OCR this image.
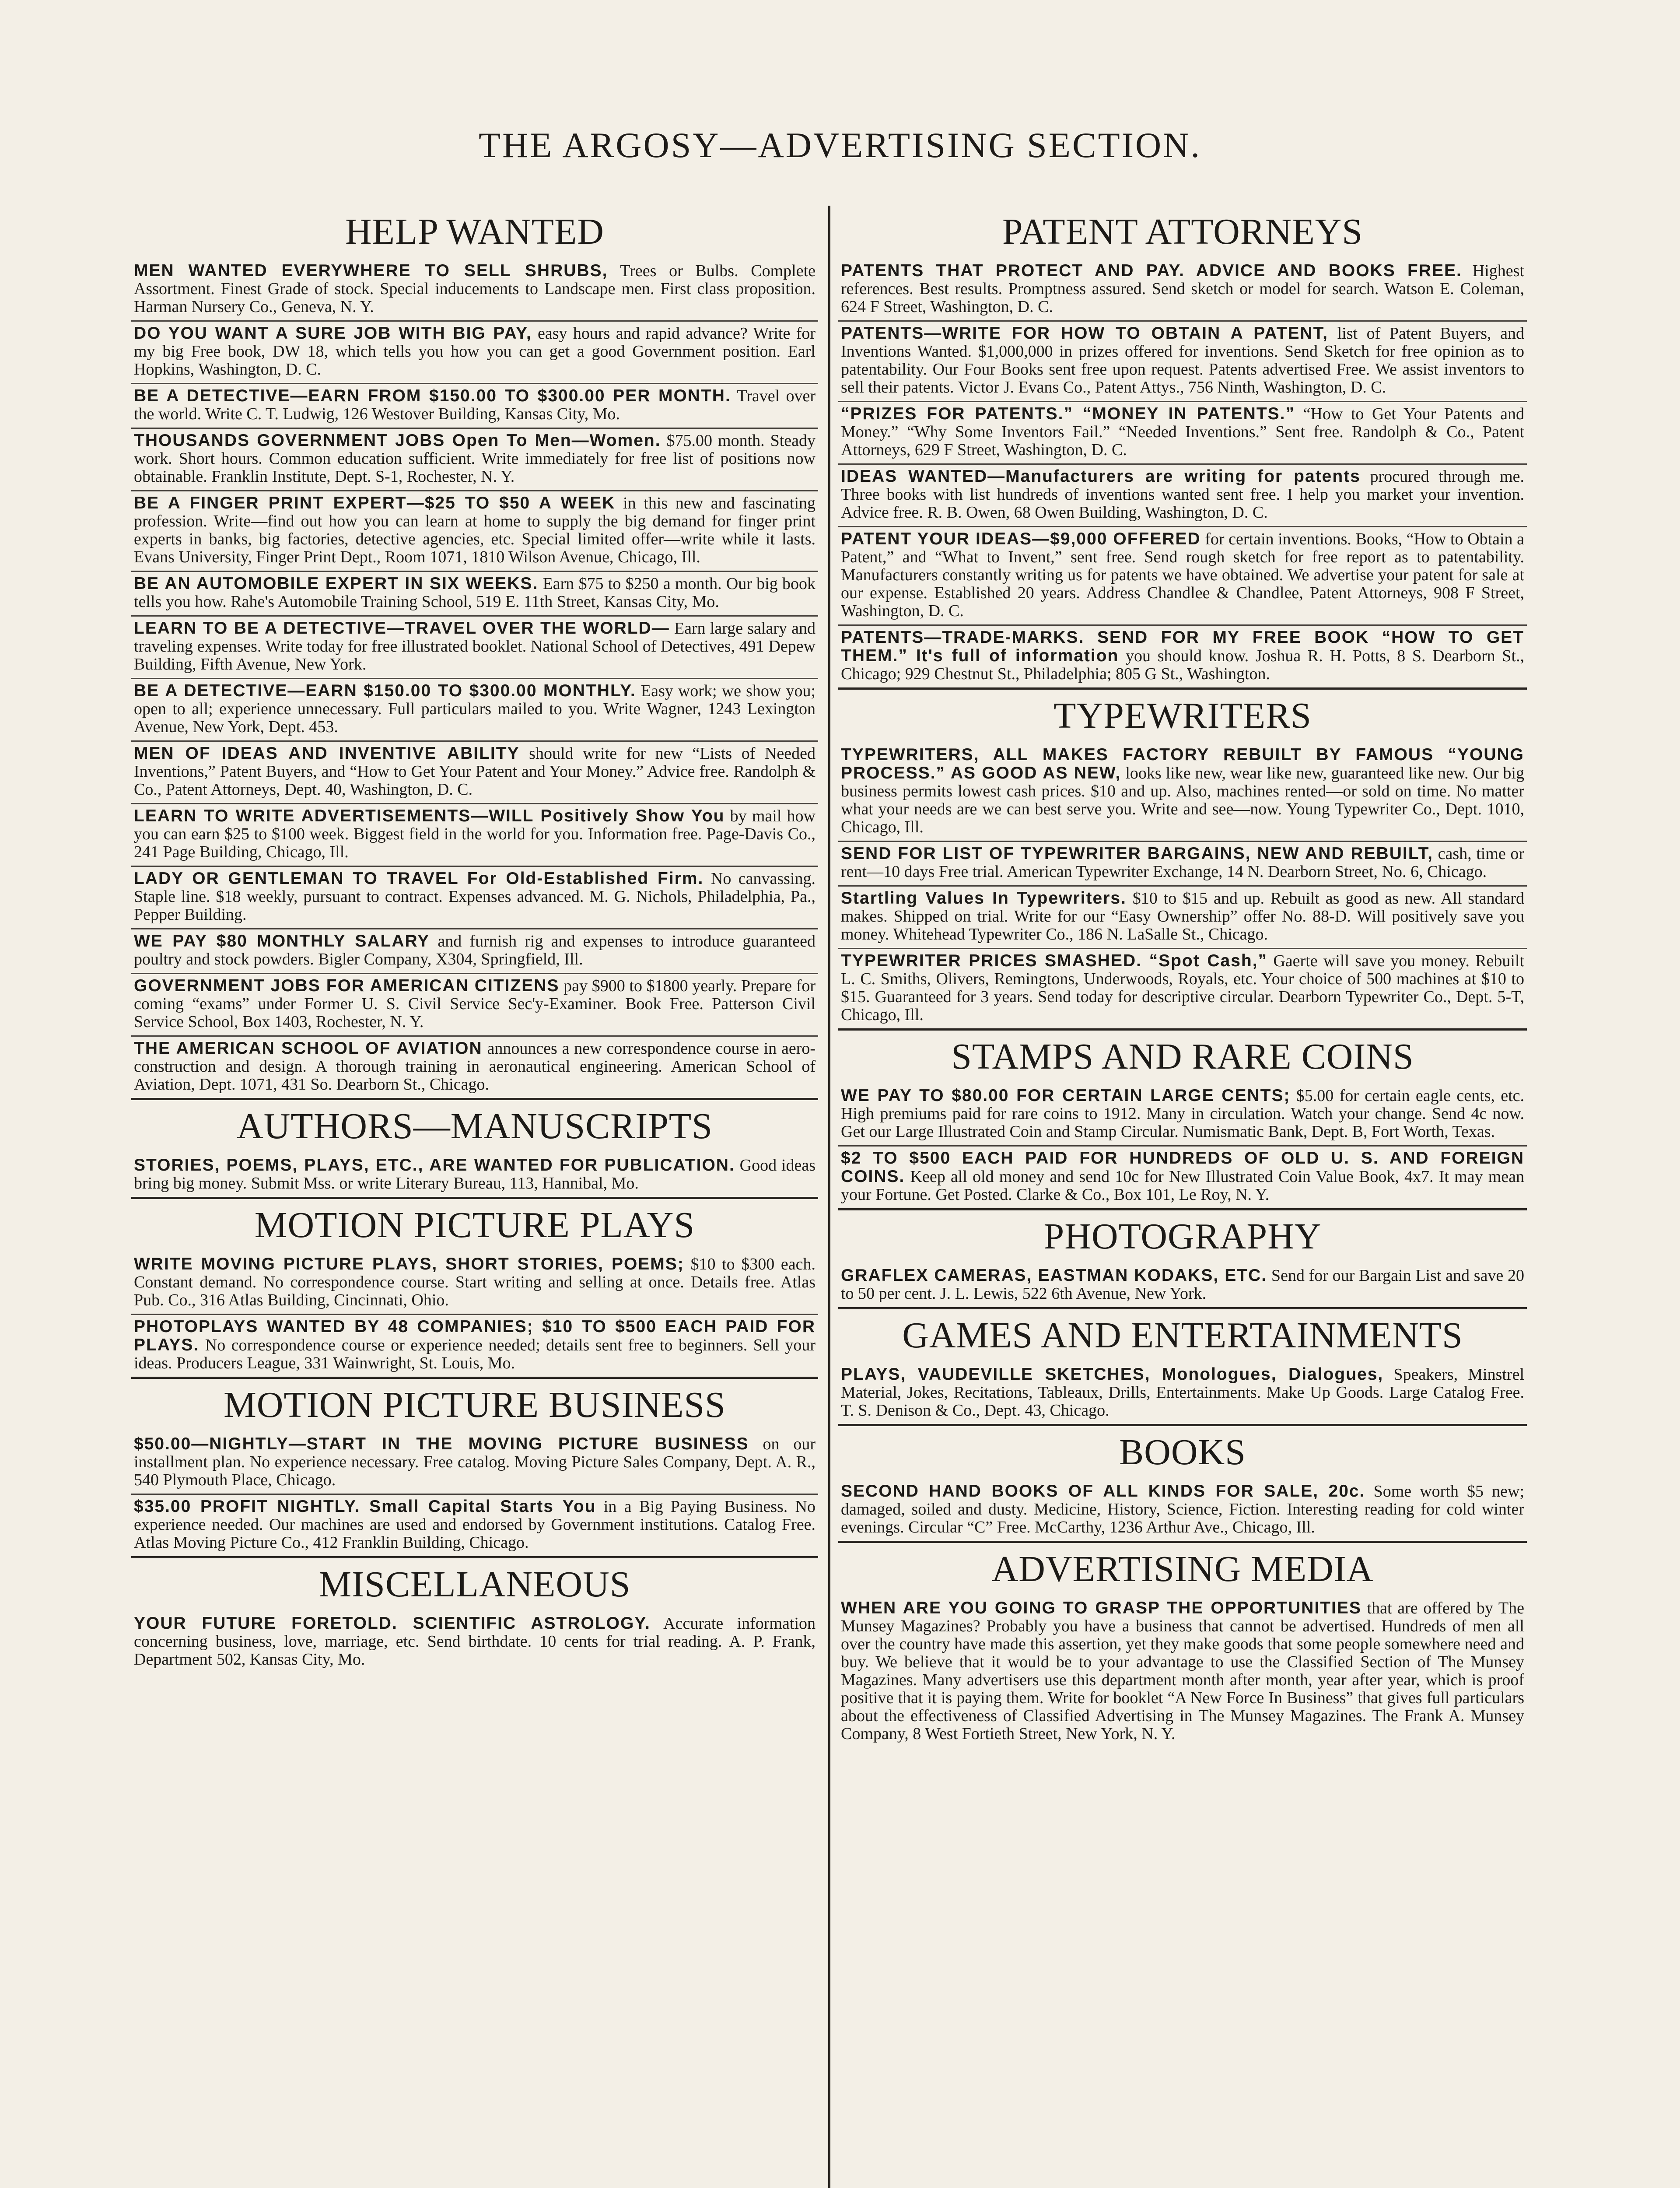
THE ARGOSY—ADVERTISING SECTION.
HELP WANTED
MEN WANTED EVERYWHERE TO SELL SHRUBS, Trees or Bulbs. Complete Assortment. Finest Grade of stock. Special inducements to Landscape men. First class proposition. Harman Nursery Co., Geneva, N. Y.
DO YOU WANT A SURE JOB WITH BIG PAY, easy hours and rapid advance? Write for my big Free book, DW 18, which tells you how you can get a good Government position. Earl Hopkins, Washington, D. C.
BE A DETECTIVE—EARN FROM $150.00 TO $300.00 PER MONTH. Travel over the world. Write C. T. Ludwig, 126 Westover Building, Kansas City, Mo.
THOUSANDS GOVERNMENT JOBS Open To Men—Women. $75.00 month. Steady work. Short hours. Common education sufficient. Write immediately for free list of positions now obtainable. Franklin Institute, Dept. S-1, Rochester, N. Y.
BE A FINGER PRINT EXPERT—$25 TO $50 A WEEK in this new and fascinating profession. Write—find out how you can learn at home to supply the big demand for finger print experts in banks, big factories, detective agencies, etc. Special limited offer—write while it lasts. Evans University, Finger Print Dept., Room 1071, 1810 Wilson Avenue, Chicago, Ill.
BE AN AUTOMOBILE EXPERT IN SIX WEEKS. Earn $75 to $250 a month. Our big book tells you how. Rahe's Automobile Training School, 519 E. 11th Street, Kansas City, Mo.
LEARN TO BE A DETECTIVE—TRAVEL OVER THE WORLD— Earn large salary and traveling expenses. Write today for free illustrated booklet. National School of Detectives, 491 Depew Building, Fifth Avenue, New York.
BE A DETECTIVE—EARN $150.00 TO $300.00 MONTHLY. Easy work; we show you; open to all; experience unnecessary. Full particulars mailed to you. Write Wagner, 1243 Lexington Avenue, New York, Dept. 453.
MEN OF IDEAS AND INVENTIVE ABILITY should write for new “Lists of Needed Inventions,” Patent Buyers, and “How to Get Your Patent and Your Money.” Advice free. Randolph & Co., Patent Attorneys, Dept. 40, Washington, D. C.
LEARN TO WRITE ADVERTISEMENTS—WILL Positively Show You by mail how you can earn $25 to $100 week. Biggest field in the world for you. Information free. Page-Davis Co., 241 Page Building, Chicago, Ill.
LADY OR GENTLEMAN TO TRAVEL For Old-Established Firm. No canvassing. Staple line. $18 weekly, pursuant to contract. Expenses advanced. M. G. Nichols, Philadelphia, Pa., Pepper Building.
WE PAY $80 MONTHLY SALARY and furnish rig and expenses to introduce guaranteed poultry and stock powders. Bigler Company, X304, Springfield, Ill.
GOVERNMENT JOBS FOR AMERICAN CITIZENS pay $900 to $1800 yearly. Prepare for coming “exams” under Former U. S. Civil Service Sec'y-Examiner. Book Free. Patterson Civil Service School, Box 1403, Rochester, N. Y.
THE AMERICAN SCHOOL OF AVIATION announces a new correspondence course in aero-construction and design. A thorough training in aeronautical engineering. American School of Aviation, Dept. 1071, 431 So. Dearborn St., Chicago.
AUTHORS—MANUSCRIPTS
STORIES, POEMS, PLAYS, ETC., ARE WANTED FOR PUBLICATION. Good ideas bring big money. Submit Mss. or write Literary Bureau, 113, Hannibal, Mo.
MOTION PICTURE PLAYS
WRITE MOVING PICTURE PLAYS, SHORT STORIES, POEMS; $10 to $300 each. Constant demand. No correspondence course. Start writing and selling at once. Details free. Atlas Pub. Co., 316 Atlas Building, Cincinnati, Ohio.
PHOTOPLAYS WANTED BY 48 COMPANIES; $10 TO $500 EACH PAID FOR PLAYS. No correspondence course or experience needed; details sent free to beginners. Sell your ideas. Producers League, 331 Wainwright, St. Louis, Mo.
MOTION PICTURE BUSINESS
$50.00—NIGHTLY—START IN THE MOVING PICTURE BUSINESS on our installment plan. No experience necessary. Free catalog. Moving Picture Sales Company, Dept. A. R., 540 Plymouth Place, Chicago.
$35.00 PROFIT NIGHTLY. Small Capital Starts You in a Big Paying Business. No experience needed. Our machines are used and endorsed by Government institutions. Catalog Free. Atlas Moving Picture Co., 412 Franklin Building, Chicago.
MISCELLANEOUS
YOUR FUTURE FORETOLD. SCIENTIFIC ASTROLOGY. Accurate information concerning business, love, marriage, etc. Send birthdate. 10 cents for trial reading. A. P. Frank, Department 502, Kansas City, Mo.
PATENT ATTORNEYS
PATENTS THAT PROTECT AND PAY. ADVICE AND BOOKS FREE. Highest references. Best results. Promptness assured. Send sketch or model for search. Watson E. Coleman, 624 F Street, Washington, D. C.
PATENTS—WRITE FOR HOW TO OBTAIN A PATENT, list of Patent Buyers, and Inventions Wanted. $1,000,000 in prizes offered for inventions. Send Sketch for free opinion as to patentability. Our Four Books sent free upon request. Patents advertised Free. We assist inventors to sell their patents. Victor J. Evans Co., Patent Attys., 756 Ninth, Washington, D. C.
“PRIZES FOR PATENTS.” “MONEY IN PATENTS.” “How to Get Your Patents and Money.” “Why Some Inventors Fail.” “Needed Inventions.” Sent free. Randolph & Co., Patent Attorneys, 629 F Street, Washington, D. C.
IDEAS WANTED—Manufacturers are writing for patents procured through me. Three books with list hundreds of inventions wanted sent free. I help you market your invention. Advice free. R. B. Owen, 68 Owen Building, Washington, D. C.
PATENT YOUR IDEAS—$9,000 OFFERED for certain inventions. Books, “How to Obtain a Patent,” and “What to Invent,” sent free. Send rough sketch for free report as to patentability. Manufacturers constantly writing us for patents we have obtained. We advertise your patent for sale at our expense. Established 20 years. Address Chandlee & Chandlee, Patent Attorneys, 908 F Street, Washington, D. C.
PATENTS—TRADE-MARKS. SEND FOR MY FREE BOOK “HOW TO GET THEM.” It's full of information you should know. Joshua R. H. Potts, 8 S. Dearborn St., Chicago; 929 Chestnut St., Philadelphia; 805 G St., Washington.
TYPEWRITERS
TYPEWRITERS, ALL MAKES FACTORY REBUILT BY FAMOUS “YOUNG PROCESS.” AS GOOD AS NEW, looks like new, wear like new, guaranteed like new. Our big business permits lowest cash prices. $10 and up. Also, machines rented—or sold on time. No matter what your needs are we can best serve you. Write and see—now. Young Typewriter Co., Dept. 1010, Chicago, Ill.
SEND FOR LIST OF TYPEWRITER BARGAINS, NEW AND REBUILT, cash, time or rent—10 days Free trial. American Typewriter Exchange, 14 N. Dearborn Street, No. 6, Chicago.
Startling Values In Typewriters. $10 to $15 and up. Rebuilt as good as new. All standard makes. Shipped on trial. Write for our “Easy Ownership” offer No. 88-D. Will positively save you money. Whitehead Typewriter Co., 186 N. LaSalle St., Chicago.
TYPEWRITER PRICES SMASHED. “Spot Cash,” Gaerte will save you money. Rebuilt L. C. Smiths, Olivers, Remingtons, Underwoods, Royals, etc. Your choice of 500 machines at $10 to $15. Guaranteed for 3 years. Send today for descriptive circular. Dearborn Typewriter Co., Dept. 5-T, Chicago, Ill.
STAMPS AND RARE COINS
WE PAY TO $80.00 FOR CERTAIN LARGE CENTS; $5.00 for certain eagle cents, etc. High premiums paid for rare coins to 1912. Many in circulation. Watch your change. Send 4c now. Get our Large Illustrated Coin and Stamp Circular. Numismatic Bank, Dept. B, Fort Worth, Texas.
$2 TO $500 EACH PAID FOR HUNDREDS OF OLD U. S. AND FOREIGN COINS. Keep all old money and send 10c for New Illustrated Coin Value Book, 4x7. It may mean your Fortune. Get Posted. Clarke & Co., Box 101, Le Roy, N. Y.
PHOTOGRAPHY
GRAFLEX CAMERAS, EASTMAN KODAKS, ETC. Send for our Bargain List and save 20 to 50 per cent. J. L. Lewis, 522 6th Avenue, New York.
GAMES AND ENTERTAINMENTS
PLAYS, VAUDEVILLE SKETCHES, Monologues, Dialogues, Speakers, Minstrel Material, Jokes, Recitations, Tableaux, Drills, Entertainments. Make Up Goods. Large Catalog Free. T. S. Denison & Co., Dept. 43, Chicago.
BOOKS
SECOND HAND BOOKS OF ALL KINDS FOR SALE, 20c. Some worth $5 new; damaged, soiled and dusty. Medicine, History, Science, Fiction. Interesting reading for cold winter evenings. Circular “C” Free. McCarthy, 1236 Arthur Ave., Chicago, Ill.
ADVERTISING MEDIA
WHEN ARE YOU GOING TO GRASP THE OPPORTUNITIES that are offered by The Munsey Magazines? Probably you have a business that cannot be advertised. Hundreds of men all over the country have made this assertion, yet they make goods that some people somewhere need and buy. We believe that it would be to your advantage to use the Classified Section of The Munsey Magazines. Many advertisers use this department month after month, year after year, which is proof positive that it is paying them. Write for booklet “A New Force In Business” that gives full particulars about the effectiveness of Classified Advertising in The Munsey Magazines. The Frank A. Munsey Company, 8 West Fortieth Street, New York, N. Y.
